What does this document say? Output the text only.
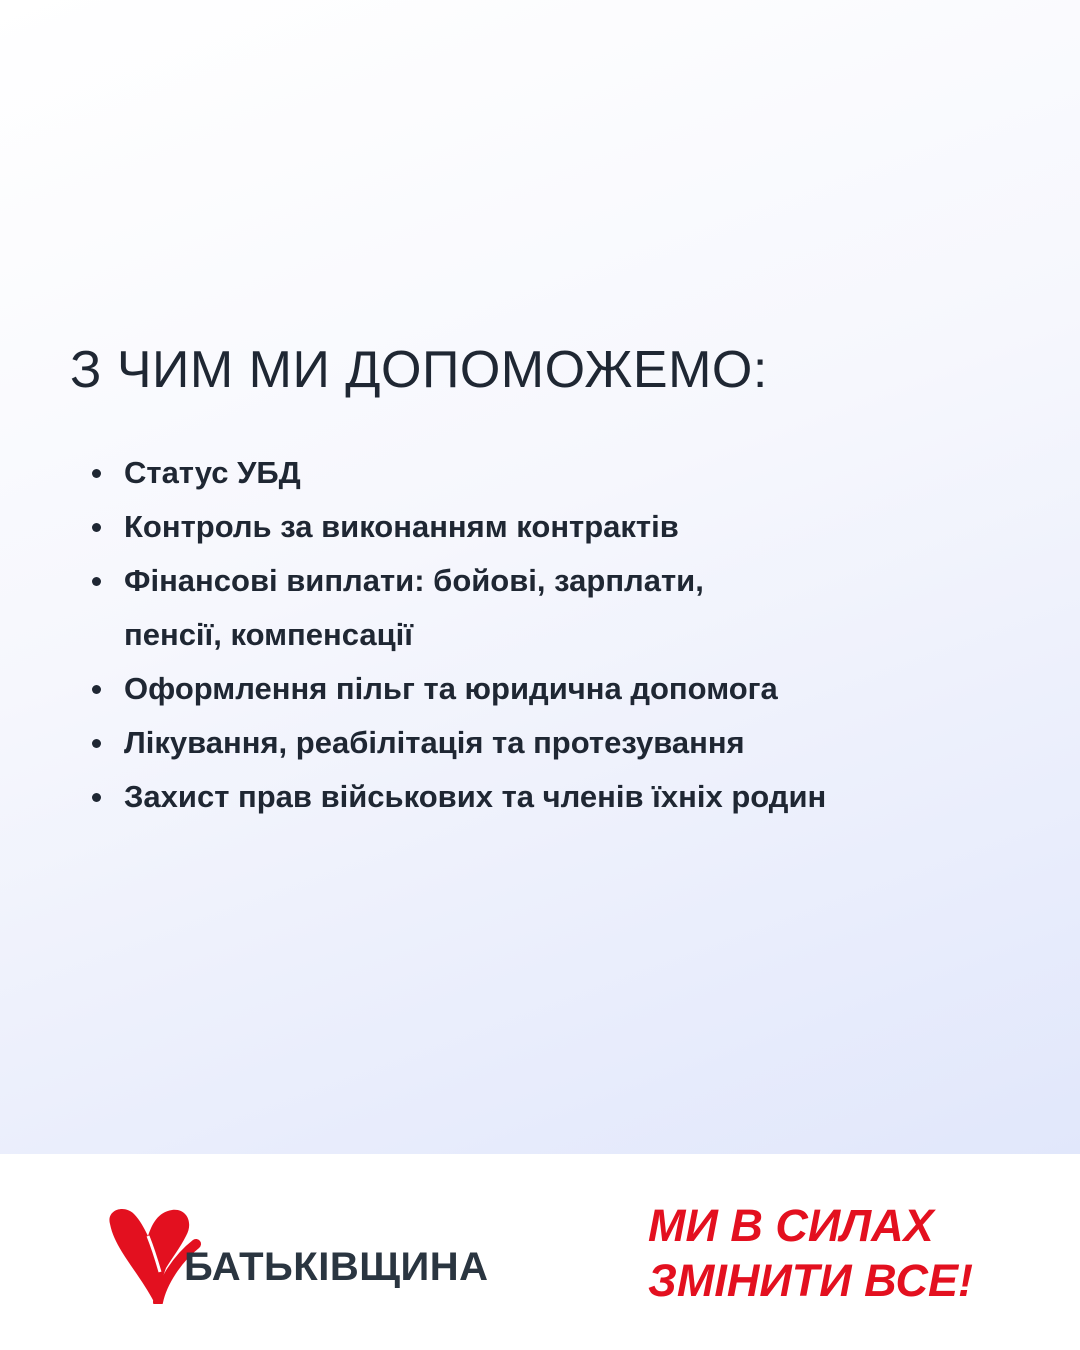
З ЧИМ МИ ДОПОМОЖЕМО:
Статус УБД
Контроль за виконанням контрактів
Фінансові виплати: бойові, зарплати,
пенсії, компенсації
Оформлення пільг та юридична допомога
Лікування, реабілітація та протезування
Захист прав військових та членів їхніх родин
БАТЬКІВЩИНА
МИ В СИЛАХ
ЗМІНИТИ ВСЕ!
